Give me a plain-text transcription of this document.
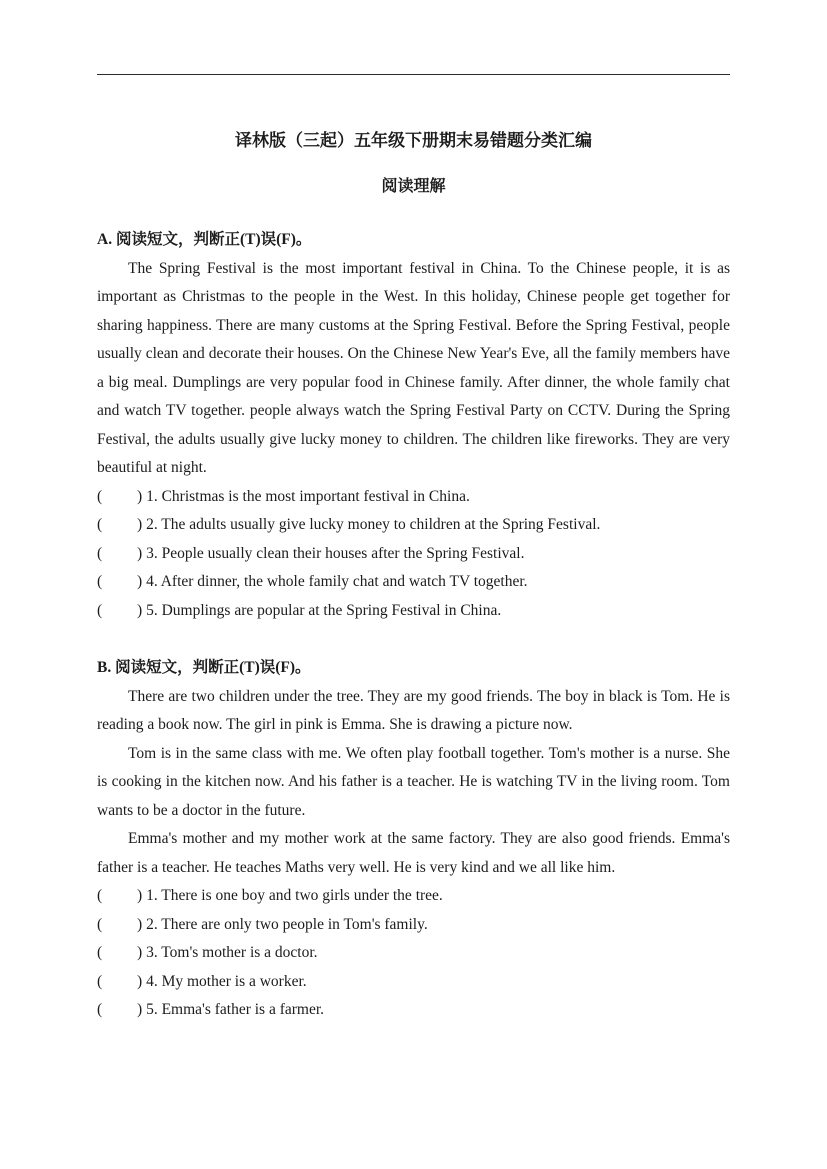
译林版（三起）五年级下册期末易错题分类汇编
阅读理解
A. 阅读短文，判断正(T)误(F)。

The Spring Festival is the most important festival in China. To the Chinese people, it is as important as Christmas to the people in the West. In this holiday, Chinese people get together for sharing happiness. There are many customs at the Spring Festival. Before the Spring Festival, people usually clean and decorate their houses. On the Chinese New Year's Eve, all the family members have a big meal. Dumplings are very popular food in Chinese family. After dinner, the whole family chat and watch TV together. people always watch the Spring Festival Party on CCTV. During the Spring Festival, the adults usually give lucky money to children. The children like fireworks. They are very beautiful at night.

(         ) 1. Christmas is the most important festival in China.
(         ) 2. The adults usually give lucky money to children at the Spring Festival.
(         ) 3. People usually clean their houses after the Spring Festival.
(         ) 4. After dinner, the whole family chat and watch TV together.
(         ) 5. Dumplings are popular at the Spring Festival in China.
B. 阅读短文，判断正(T)误(F)。

There are two children under the tree. They are my good friends. The boy in black is Tom. He is reading a book now. The girl in pink is Emma. She is drawing a picture now.

Tom is in the same class with me. We often play football together. Tom's mother is a nurse. She is cooking in the kitchen now. And his father is a teacher. He is watching TV in the living room. Tom wants to be a doctor in the future.

Emma's mother and my mother work at the same factory. They are also good friends. Emma's father is a teacher. He teaches Maths very well. He is very kind and we all like him.

(         ) 1. There is one boy and two girls under the tree.
(         ) 2. There are only two people in Tom's family.
(         ) 3. Tom's mother is a doctor.
(         ) 4. My mother is a worker.
(         ) 5. Emma's father is a farmer.
